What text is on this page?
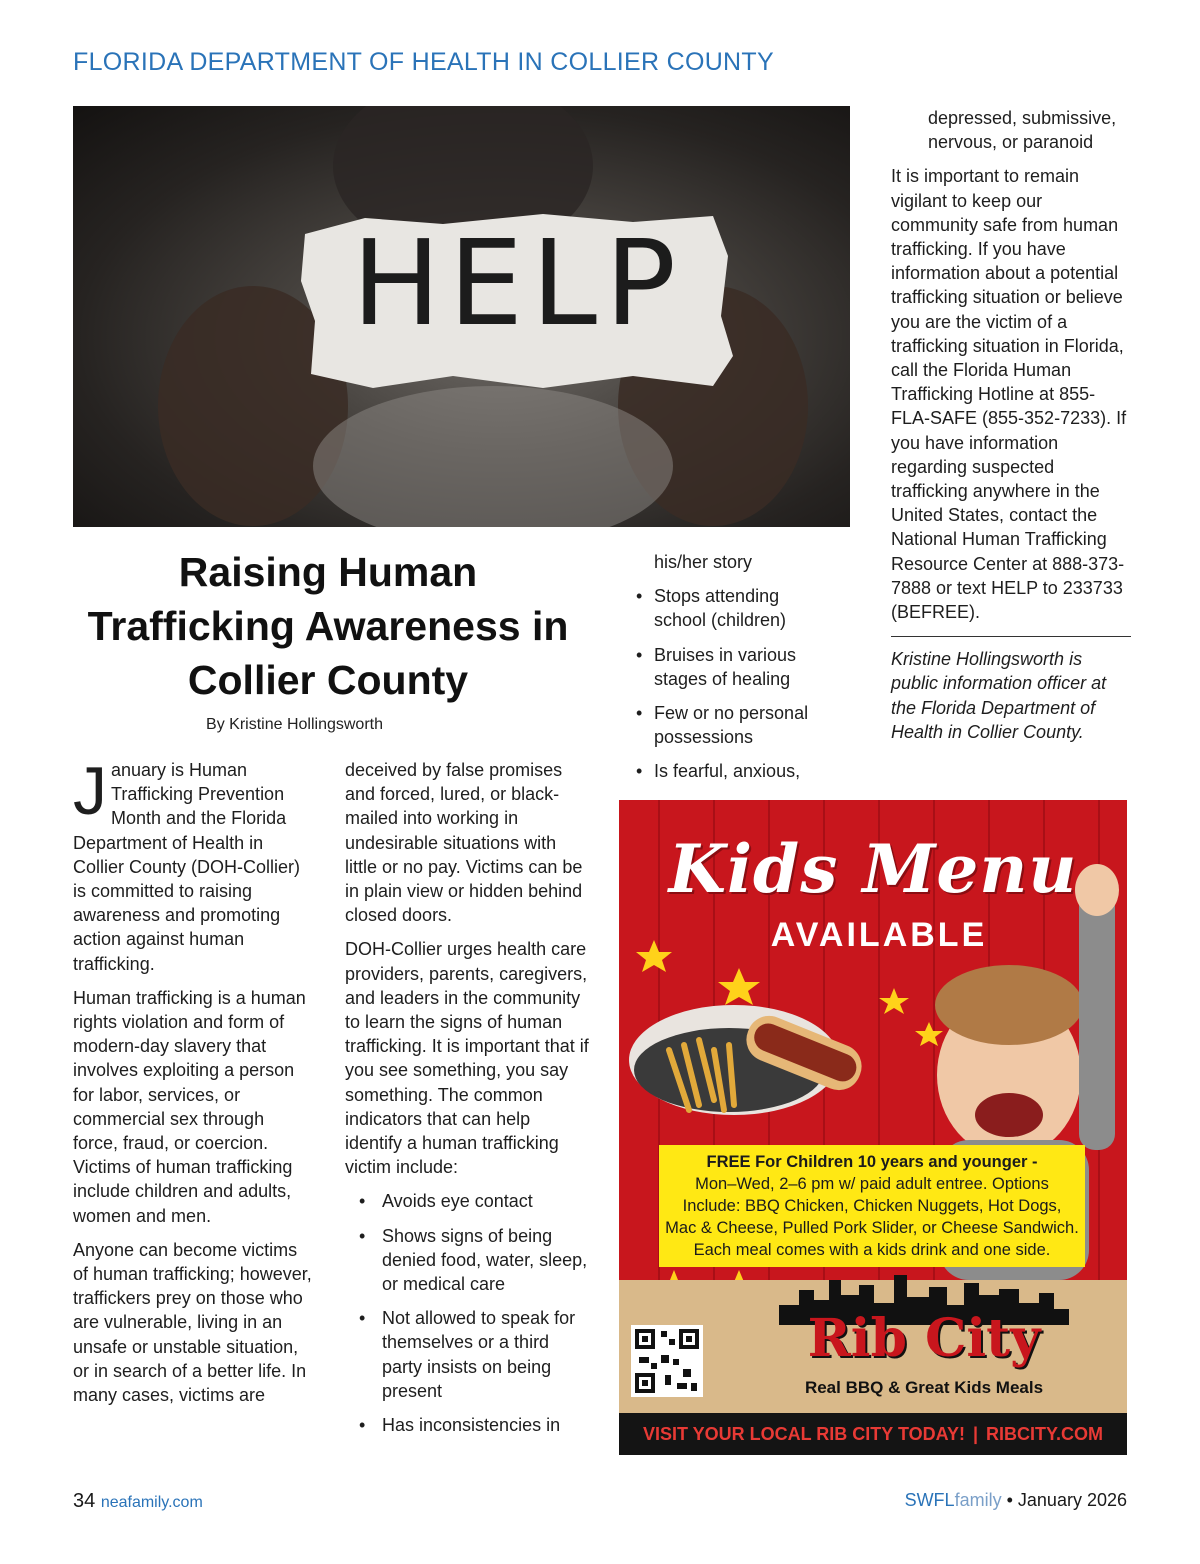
FLORIDA DEPARTMENT OF HEALTH IN COLLIER COUNTY
HELP
Raising Human Trafficking Awareness in Collier County
By Kristine Hollingsworth

January is Human Trafficking Prevention Month and the Florida Department of Health in Collier County (DOH-Collier) is committed to raising awareness and promoting action against human trafficking.

Human trafficking is a human rights violation and form of modern-day slavery that involves exploiting a person for labor, services, or commercial sex through force, fraud, or coercion. Victims of human trafficking include children and adults, women and men.

Anyone can become victims of human trafficking; however, traffickers prey on those who are vulnerable, living in an unsafe or unstable situation, or in search of a better life. In many cases, victims are

deceived by false promises and forced, lured, or black-mailed into working in undesirable situations with little or no pay. Victims can be in plain view or hidden behind closed doors.

DOH-Collier urges health care providers, parents, caregivers, and leaders in the community to learn the signs of human trafficking. It is important that if you see something, you say something. The common indicators that can help identify a human trafficking victim include:

• Avoids eye contact
• Shows signs of being denied food, water, sleep, or medical care
• Not allowed to speak for themselves or a third party insists on being present
• Has inconsistencies in

his/her story

• Stops attending school (children)
• Bruises in various stages of healing
• Few or no personal possessions
• Is fearful, anxious,

depressed, submissive, nervous, or paranoid

It is important to remain vigilant to keep our community safe from human trafficking. If you have information about a potential trafficking situation or believe you are the victim of a trafficking situation in Florida, call the Florida Human Trafficking Hotline at 855-FLA-SAFE (855-352-7233). If you have information regarding suspected trafficking anywhere in the United States, contact the National Human Trafficking Resource Center at 888-373-7888 or text HELP to 233733 (BEFREE).

Kristine Hollingsworth is public information officer at the Florida Department of Health in Collier County.

Kids Menu
AVAILABLE
FREE For Children 10 years and younger -
Mon–Wed, 2–6 pm w/ paid adult entree. Options
Include: BBQ Chicken, Chicken Nuggets, Hot Dogs,
Mac & Cheese, Pulled Pork Slider, or Cheese Sandwich.
Each meal comes with a kids drink and one side.
Rib City
Real BBQ & Great Kids Meals
VISIT YOUR LOCAL RIB CITY TODAY! | RIBCITY.COM
34 neafamily.com	SWFLfamily • January 2026
